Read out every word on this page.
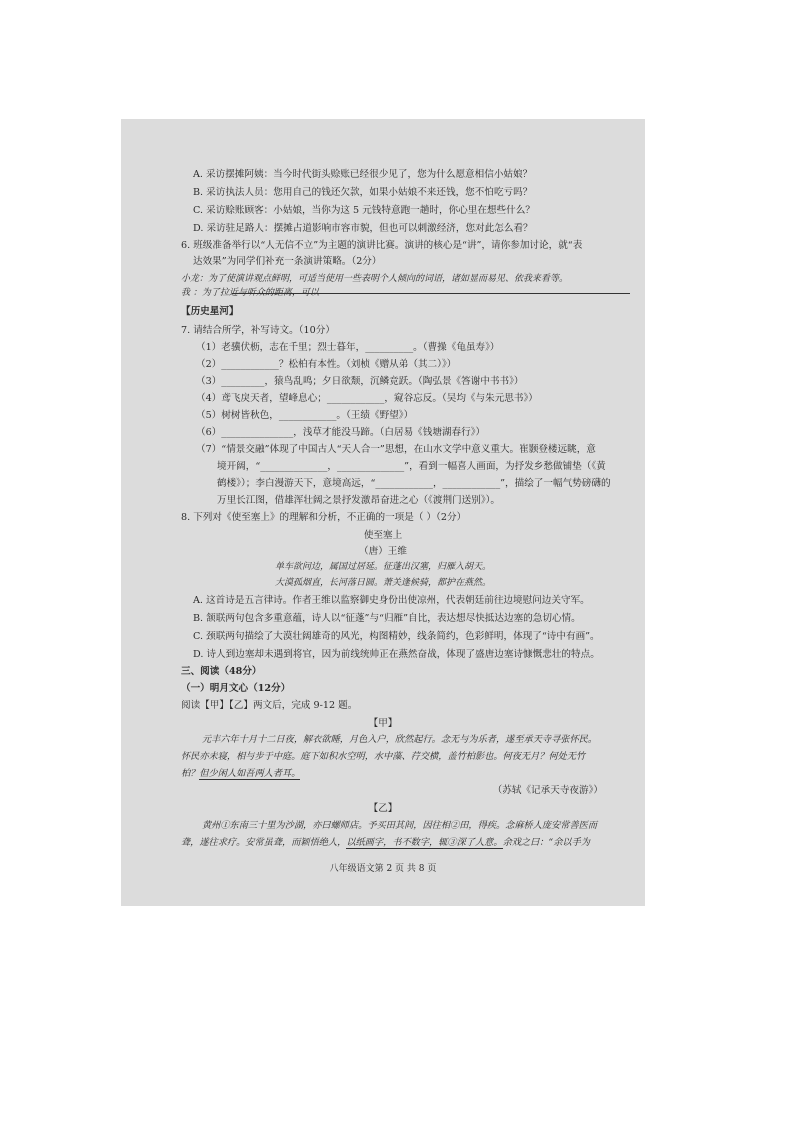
A. 采访摆摊阿姨：当今时代街头赊账已经很少见了，您为什么愿意相信小姑娘？
B. 采访执法人员：您用自己的钱还欠款，如果小姑娘不来还钱，您不怕吃亏吗？
C. 采访赊账顾客：小姑娘，当你为这 5 元钱特意跑一趟时，你心里在想些什么？
D. 采访驻足路人：摆摊占道影响市容市貌，但也可以刺激经济，您对此怎么看？
6. 班级准备举行以“人无信不立”为主题的演讲比赛。演讲的核心是“讲”，请你参加讨论，就“表
达效果”为同学们补充一条演讲策略。（2分）
小龙：为了使演讲观点鲜明，可适当使用一些表明个人倾向的词语，诸如显而易见、依我来看等。
我 ：为了拉近与听众的距离，可以
【历史星河】
7. 请结合所学，补写诗文。（10分）
（1）老骥伏枥，志在千里；烈士暮年，__________。（曹操《龟虽寿》）
（2）____________？松柏有本性。（刘桢《赠从弟（其二）》）
（3）_________，猿鸟乱鸣；夕日欲颓，沉鳞竞跃。（陶弘景《答谢中书书》）
（4）鸢飞戾天者，望峰息心；____________，窥谷忘反。（吴均《与朱元思书》）
（5）树树皆秋色，____________。（王绩《野望》）
（6）_______________，浅草才能没马蹄。（白居易《钱塘湖春行》）
（7）“情景交融”体现了中国古人“天人合一”思想，在山水文学中意义重大。崔颢登楼远眺，意
境开阔，“______________，______________”，看到一幅喜人画面，为抒发乡愁做铺垫（《黄
鹤楼》）；李白漫游天下，意境高远，“____________，____________”，描绘了一幅气势磅礴的
万里长江图，借雄浑壮阔之景抒发激昂奋进之心（《渡荆门送别》）。
8. 下列对《使至塞上》的理解和分析，不正确的一项是（ ）（2分）
使至塞上
（唐）王维
单车欲问边，属国过居延。征蓬出汉塞，归雁入胡天。
大漠孤烟直，长河落日圆。萧关逢候骑，都护在燕然。
A. 这首诗是五言律诗。作者王维以监察御史身份出使凉州，代表朝廷前往边境慰问边关守军。
B. 颔联两句包含多重意蕴，诗人以“征蓬”与“归雁”自比，表达想尽快抵达边塞的急切心情。
C. 颈联两句描绘了大漠壮阔雄奇的风光，构图精妙，线条简约，色彩鲜明，体现了“诗中有画”。
D. 诗人到边塞却未遇到将官，因为前线统帅正在燕然奋战，体现了盛唐边塞诗慷慨悲壮的特点。
三、阅读（48分）
（一）明月文心（12分）
阅读【甲】【乙】两文后，完成 9-12 题。
【甲】
元丰六年十月十二日夜，解衣欲睡，月色入户，欣然起行。念无与为乐者，遂至承天寺寻张怀民。
怀民亦未寝，相与步于中庭。庭下如积水空明，水中藻、荇交横，盖竹柏影也。何夜无月？何处无竹
柏？但少闲人如吾两人者耳。
（苏轼《记承天寺夜游》）
【乙】
黄州①东南三十里为沙湖，亦曰螺师店。予买田其间，因往相②田，得疾。念麻桥人庞安常善医而
聋，遂往求疗。安常虽聋，而颖悟绝人，以纸画字，书不数字，辄③深了人意。余戏之曰：“余以手为
八年级语文第 2 页 共 8 页
